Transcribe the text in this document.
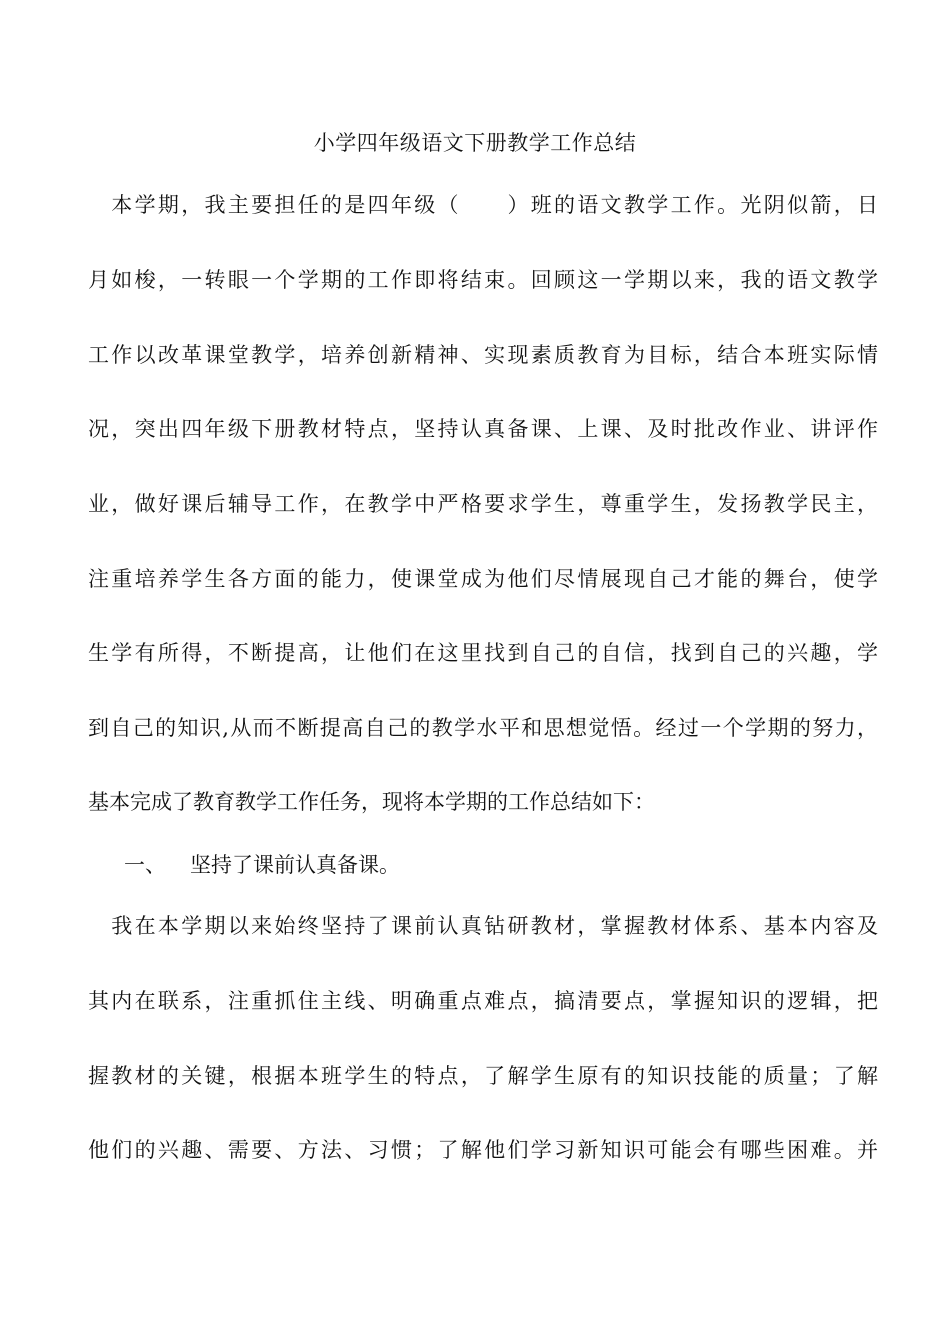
小学四年级语文下册教学工作总结
　本学期，我主要担任的是四年级（　　）班的语文教学工作。光阴似箭，日
月如梭，一转眼一个学期的工作即将结束。回顾这一学期以来，我的语文教学
工作以改革课堂教学，培养创新精神、实现素质教育为目标，结合本班实际情
况，突出四年级下册教材特点，坚持认真备课、上课、及时批改作业、讲评作
业，做好课后辅导工作，在教学中严格要求学生，尊重学生，发扬教学民主，
注重培养学生各方面的能力，使课堂成为他们尽情展现自己才能的舞台，使学
生学有所得，不断提高，让他们在这里找到自己的自信，找到自己的兴趣，学
到自己的知识,从而不断提高自己的教学水平和思想觉悟。经过一个学期的努力，
基本完成了教育教学工作任务，现将本学期的工作总结如下：
一、 坚持了课前认真备课。
　我在本学期以来始终坚持了课前认真钻研教材，掌握教材体系、基本内容及
其内在联系，注重抓住主线、明确重点难点，搞清要点，掌握知识的逻辑，把
握教材的关键，根据本班学生的特点，了解学生原有的知识技能的质量；了解
他们的兴趣、需要、方法、习惯；了解他们学习新知识可能会有哪些困难。并
